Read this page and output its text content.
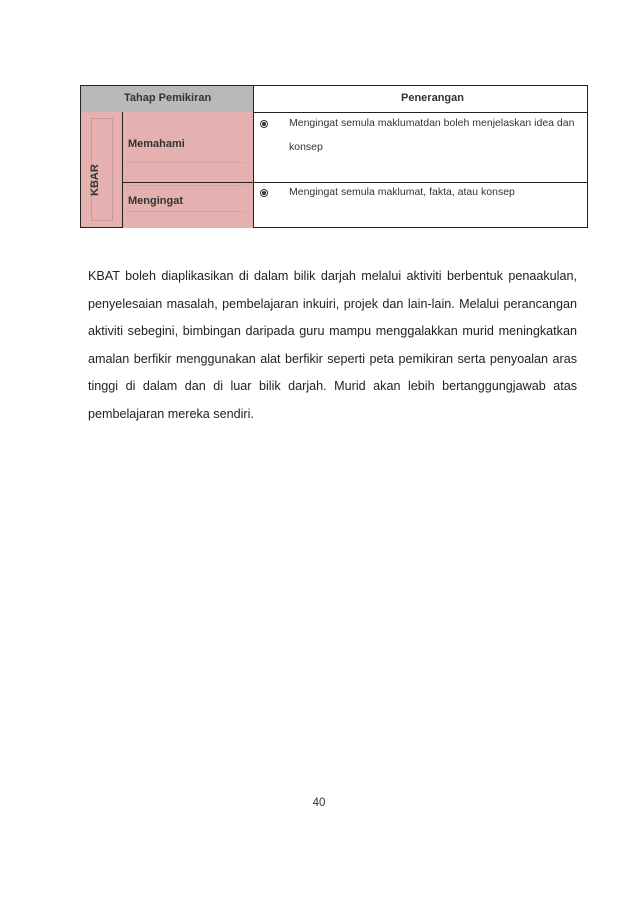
Tahap Pemikiran	Penerangan
KBAR
Memahami
Mengingat
Mengingat semula maklumatdan boleh menjelaskan idea dan konsep
Mengingat semula maklumat, fakta, atau konsep

KBAT boleh diaplikasikan di dalam bilik darjah melalui aktiviti berbentuk penaakulan, penyelesaian masalah, pembelajaran inkuiri, projek dan lain-lain. Melalui perancangan aktiviti sebegini, bimbingan daripada guru mampu menggalakkan murid meningkatkan amalan berfikir menggunakan alat berfikir seperti peta pemikiran serta penyoalan aras tinggi di dalam dan di luar bilik darjah. Murid akan lebih bertanggungjawab atas pembelajaran mereka sendiri.

40
